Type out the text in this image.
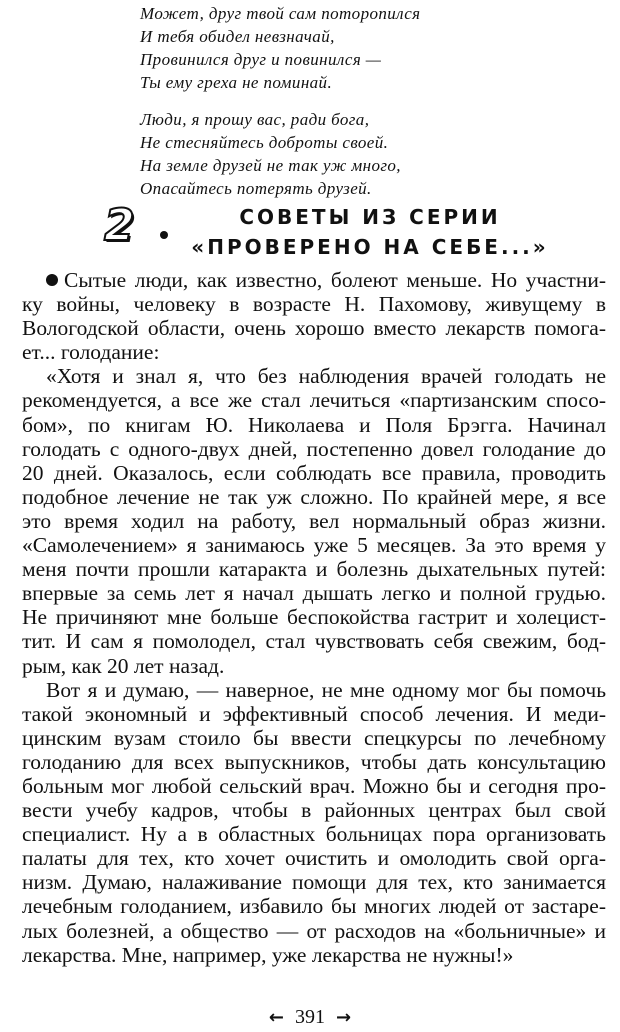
Может, друг твой сам поторопился
И тебя обидел невзначай,
Провинился друг и повинился —
Ты ему греха не поминай.
Люди, я прошу вас, ради бога,
Не стесняйтесь доброты своей.
На земле друзей не так уж много,
Опасайтесь потерять друзей.
2	СОВЕТЫ ИЗ СЕРИИ
«ПРОВЕРЕНО НА СЕБЕ...»
Сытые люди, как известно, болеют меньше. Но участни-
ку войны, человеку в возрасте Н. Пахомову, живущему в
Вологодской области, очень хорошо вместо лекарств помога-
ет... голодание:
«Хотя и знал я, что без наблюдения врачей голодать не
рекомендуется, а все же стал лечиться «партизанским спосо-
бом», по книгам Ю. Николаева и Поля Брэгга. Начинал
голодать с одного-двух дней, постепенно довел голодание до
20 дней. Оказалось, если соблюдать все правила, проводить
подобное лечение не так уж сложно. По крайней мере, я все
это время ходил на работу, вел нормальный образ жизни.
«Самолечением» я занимаюсь уже 5 месяцев. За это время у
меня почти прошли катаракта и болезнь дыхательных путей:
впервые за семь лет я начал дышать легко и полной грудью.
Не причиняют мне больше беспокойства гастрит и холецист-
тит. И сам я помолодел, стал чувствовать себя свежим, бод-
рым, как 20 лет назад.
Вот я и думаю, — наверное, не мне одному мог бы помочь
такой экономный и эффективный способ лечения. И меди-
цинским вузам стоило бы ввести спецкурсы по лечебному
голоданию для всех выпускников, чтобы дать консультацию
больным мог любой сельский врач. Можно бы и сегодня про-
вести учебу кадров, чтобы в районных центрах был свой
специалист. Ну а в областных больницах пора организовать
палаты для тех, кто хочет очистить и омолодить свой орга-
низм. Думаю, налаживание помощи для тех, кто занимается
лечебным голоданием, избавило бы многих людей от застаре-
лых болезней, а общество — от расходов на «больничные» и
лекарства. Мне, например, уже лекарства не нужны!»
← 391 →
